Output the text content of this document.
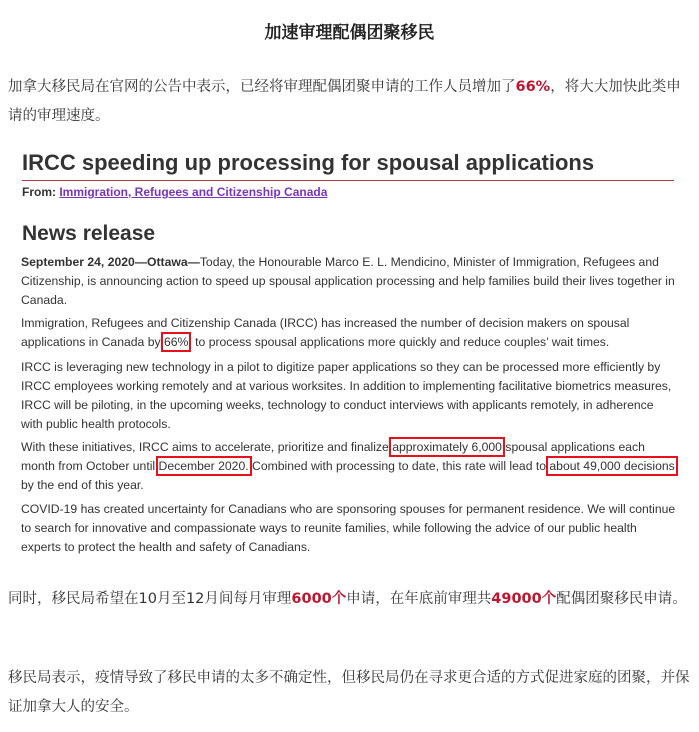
加速审理配偶团聚移民

加拿大移民局在官网的公告中表示，已经将审理配偶团聚申请的工作人员增加了66%，将大大加快此类申请的审理速度。

IRCC speeding up processing for spousal applications
From: Immigration, Refugees and Citizenship Canada
News release

September 24, 2020—Ottawa—Today, the Honourable Marco E. L. Mendicino, Minister of Immigration, Refugees and Citizenship, is announcing action to speed up spousal application processing and help families build their lives together in Canada.

Immigration, Refugees and Citizenship Canada (IRCC) has increased the number of decision makers on spousal applications in Canada by 66%, to process spousal applications more quickly and reduce couples’ wait times.

IRCC is leveraging new technology in a pilot to digitize paper applications so they can be processed more efficiently by IRCC employees working remotely and at various worksites. In addition to implementing facilitative biometrics measures, IRCC will be piloting, in the upcoming weeks, technology to conduct interviews with applicants remotely, in adherence with public health protocols.

With these initiatives, IRCC aims to accelerate, prioritize and finalize approximately 6,000 spousal applications each month from October until December 2020. Combined with processing to date, this rate will lead to about 49,000 decisions by the end of this year.

COVID-19 has created uncertainty for Canadians who are sponsoring spouses for permanent residence. We will continue to search for innovative and compassionate ways to reunite families, while following the advice of our public health experts to protect the health and safety of Canadians.

同时，移民局希望在10月至12月间每月审理6000个申请，在年底前审理共49000个配偶团聚移民申请。

移民局表示，疫情导致了移民申请的太多不确定性，但移民局仍在寻求更合适的方式促进家庭的团聚，并保证加拿大人的安全。
